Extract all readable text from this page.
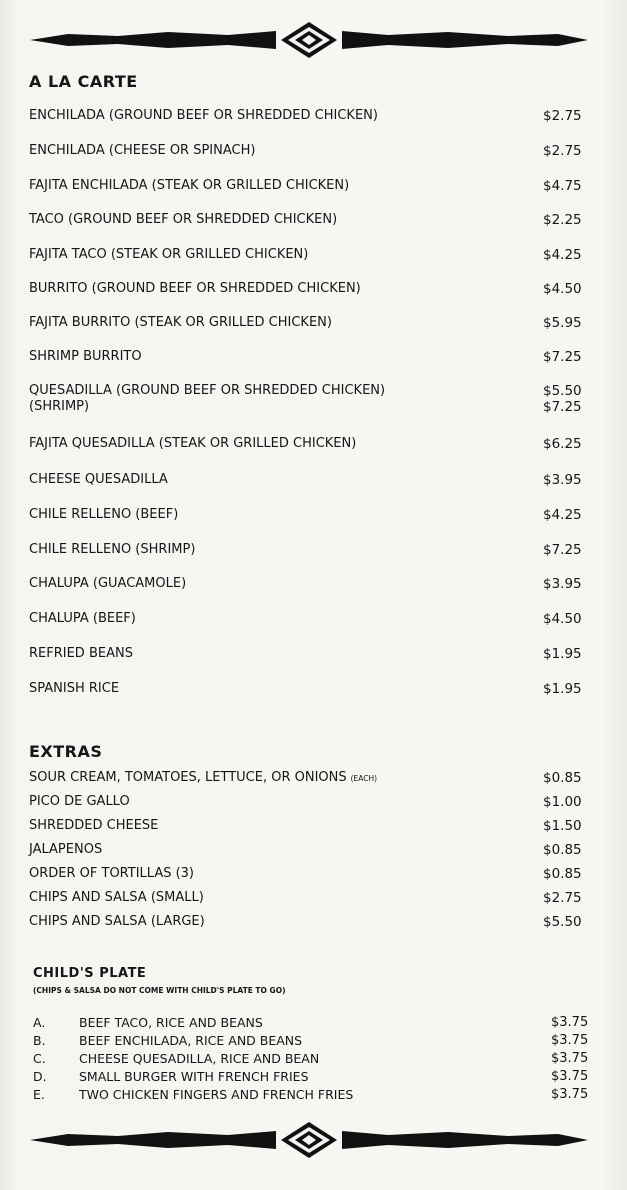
A LA CARTE
ENCHILADA (GROUND BEEF OR SHREDDED CHICKEN)	$2.75
ENCHILADA (CHEESE OR SPINACH)	$2.75
FAJITA ENCHILADA (STEAK OR GRILLED CHICKEN)	$4.75
TACO (GROUND BEEF OR SHREDDED CHICKEN)	$2.25
FAJITA TACO (STEAK OR GRILLED CHICKEN)	$4.25
BURRITO (GROUND BEEF OR SHREDDED CHICKEN)	$4.50
FAJITA BURRITO (STEAK OR GRILLED CHICKEN)	$5.95
SHRIMP BURRITO	$7.25
QUESADILLA (GROUND BEEF OR SHREDDED CHICKEN)	$5.50
(SHRIMP)	$7.25
FAJITA QUESADILLA (STEAK OR GRILLED CHICKEN)	$6.25
CHEESE QUESADILLA	$3.95
CHILE RELLENO (BEEF)	$4.25
CHILE RELLENO (SHRIMP)	$7.25
CHALUPA (GUACAMOLE)	$3.95
CHALUPA (BEEF)	$4.50
REFRIED BEANS	$1.95
SPANISH RICE	$1.95
EXTRAS
SOUR CREAM, TOMATOES, LETTUCE, OR ONIONS (EACH)	$0.85
PICO DE GALLO	$1.00
SHREDDED CHEESE	$1.50
JALAPENOS	$0.85
ORDER OF TORTILLAS (3)	$0.85
CHIPS AND SALSA (SMALL)	$2.75
CHIPS AND SALSA (LARGE)	$5.50
CHILD'S PLATE
(CHIPS & SALSA DO NOT COME WITH CHILD'S PLATE TO GO)
A.	BEEF TACO, RICE AND BEANS	$3.75
B.	BEEF ENCHILADA, RICE AND BEANS	$3.75
C.	CHEESE QUESADILLA, RICE AND BEAN	$3.75
D.	SMALL BURGER WITH FRENCH FRIES	$3.75
E.	TWO CHICKEN FINGERS AND FRENCH FRIES	$3.75
